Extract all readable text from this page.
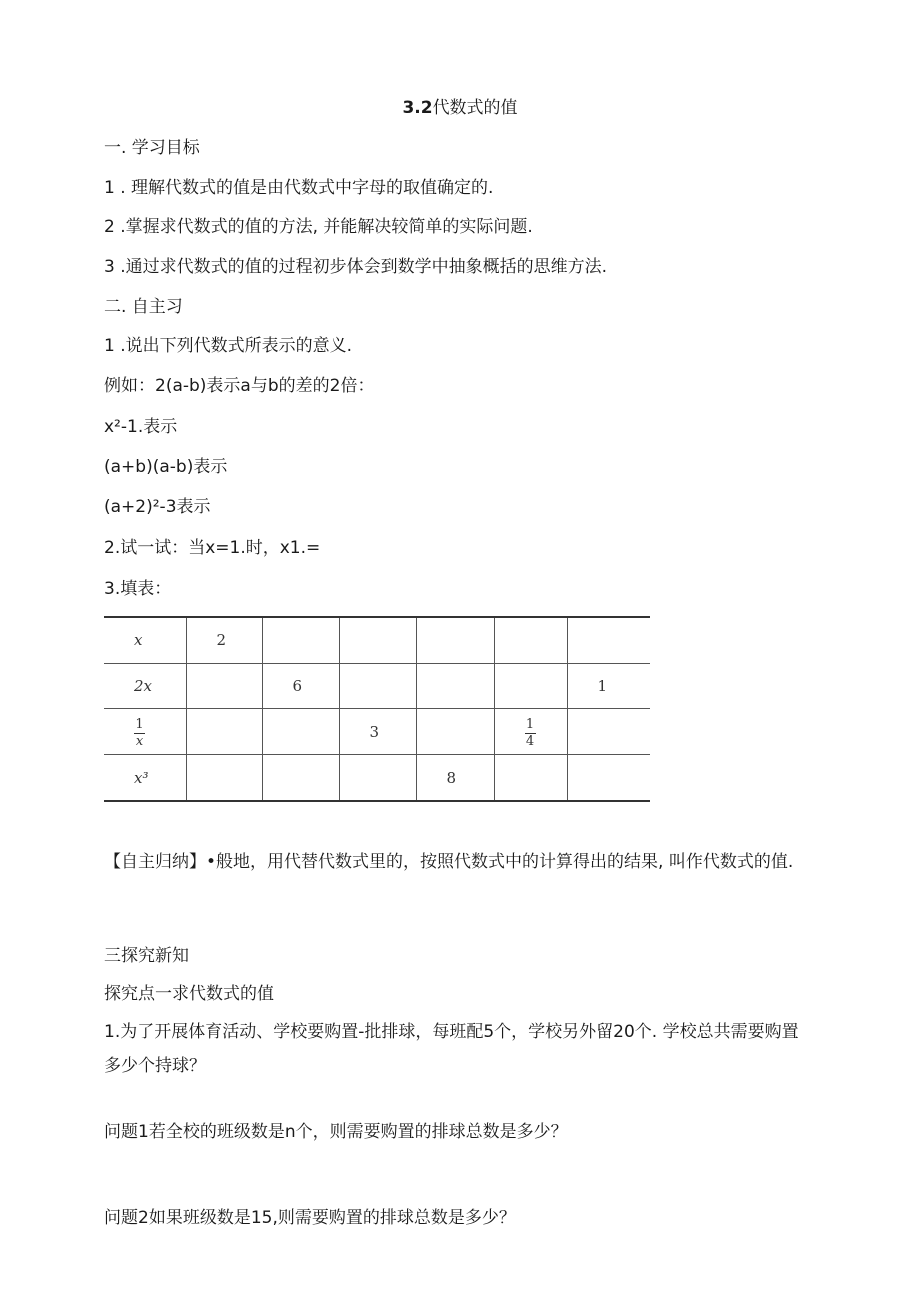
3.2代数式的值
一. 学习目标
1 . 理解代数式的值是由代数式中字母的取值确定的.
2 .掌握求代数式的值的方法, 并能解决较简单的实际问题.
3 .通过求代数式的值的过程初步体会到数学中抽象概括的思维方法.
二. 自主习
1 .说出下列代数式所表示的意义.
例如：2(a-b)表示a与b的差的2倍：
x²-1.表示
(a+b)(a-b)表示
(a+2)²-3表示
2.试一试：当x=1.时，x1.=
3.填表：
x	2					
2x		6				1

$\frac{1}{x}$			3		$\frac{1}{4}$

x³				8		
【自主归纳】•般地，用代替代数式里的，按照代数式中的计算得出的结果, 叫作代数式的值.
三探究新知
探究点一求代数式的值
1.为了开展体育活动、学校要购置-批排球，每班配5个，学校另外留20个. 学校总共需要购置多少个持球？
问题1若全校的班级数是n个，则需要购置的排球总数是多少？
问题2如果班级数是15,则需要购置的排球总数是多少？
